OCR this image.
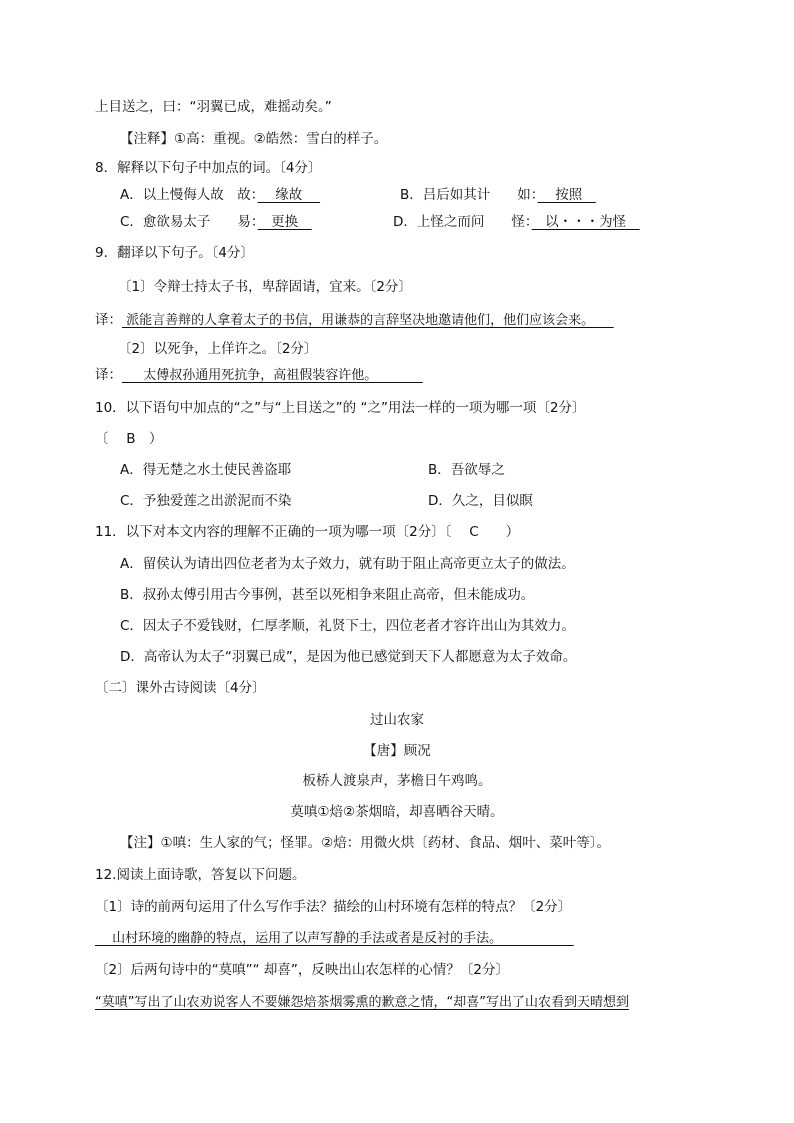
上目送之，曰：“羽翼已成，难摇动矣。”
【注释】①高：重视。②皓然：雪白的样子。
8．解释以下句子中加点的词。〔4分〕
A．以上慢侮人故　故：　 缘故 　	B．吕后如其计　　如：　 按照　
C．愈欲易太子　　易：　更换　	D．上怪之而问　　怪：　以・・・为怪　
9．翻译以下句子。〔4分〕
〔1〕令辩士持太子书，卑辞固请，宜来。〔2分〕
译： 派能言善辩的人拿着太子的书信，用谦恭的言辞坚决地邀请他们，他们应该会来。　　
〔2〕以死争，上佯许之。〔2分〕
译： 　 太傅叔孙通用死抗争，高祖假装容许他。　　　　
10．以下语句中加点的“之”与“上目送之”的 “之”用法一样的一项为哪一项〔2分〕
〔　 B　）
A．得无楚之水土使民善盗耶	B．吾欲辱之
C．予独爱莲之出淤泥而不染	D．久之，目似瞑
11．以下对本文内容的理解不正确的一项为哪一项〔2分〕〔　 C　　）
A．留侯认为请出四位老者为太子效力，就有助于阻止高帝更立太子的做法。
B．叔孙太傅引用古今事例，甚至以死相争来阻止高帝，但未能成功。
C．因太子不爱钱财，仁厚孝顺，礼贤下士，四位老者才容许出山为其效力。
D．高帝认为太子“羽翼已成”，是因为他已感觉到天下人都愿意为太子效命。
〔二〕课外古诗阅读〔4分〕
过山农家
【唐】顾况
板桥人渡泉声，茅檐日午鸡鸣。
莫嗔①焙②茶烟暗，却喜晒谷天晴。
【注】①嗔：生人家的气；怪罪。②焙：用微火烘〔药材、食品、烟叶、菜叶等〕。
12.阅读上面诗歌，答复以下问题。
〔1〕诗的前两句运用了什么写作手法？描绘的山村环境有怎样的特点？〔2分〕
　 山村环境的幽静的特点，运用了以声写静的手法或者是反衬的手法。　　　　　　
〔2〕后两句诗中的“莫嗔”“ 却喜”，反映出山农怎样的心情？〔2分〕
“莫嗔”写出了山农劝说客人不要嫌怨焙茶烟雾熏的歉意之情，“却喜”写出了山农看到天晴想到
